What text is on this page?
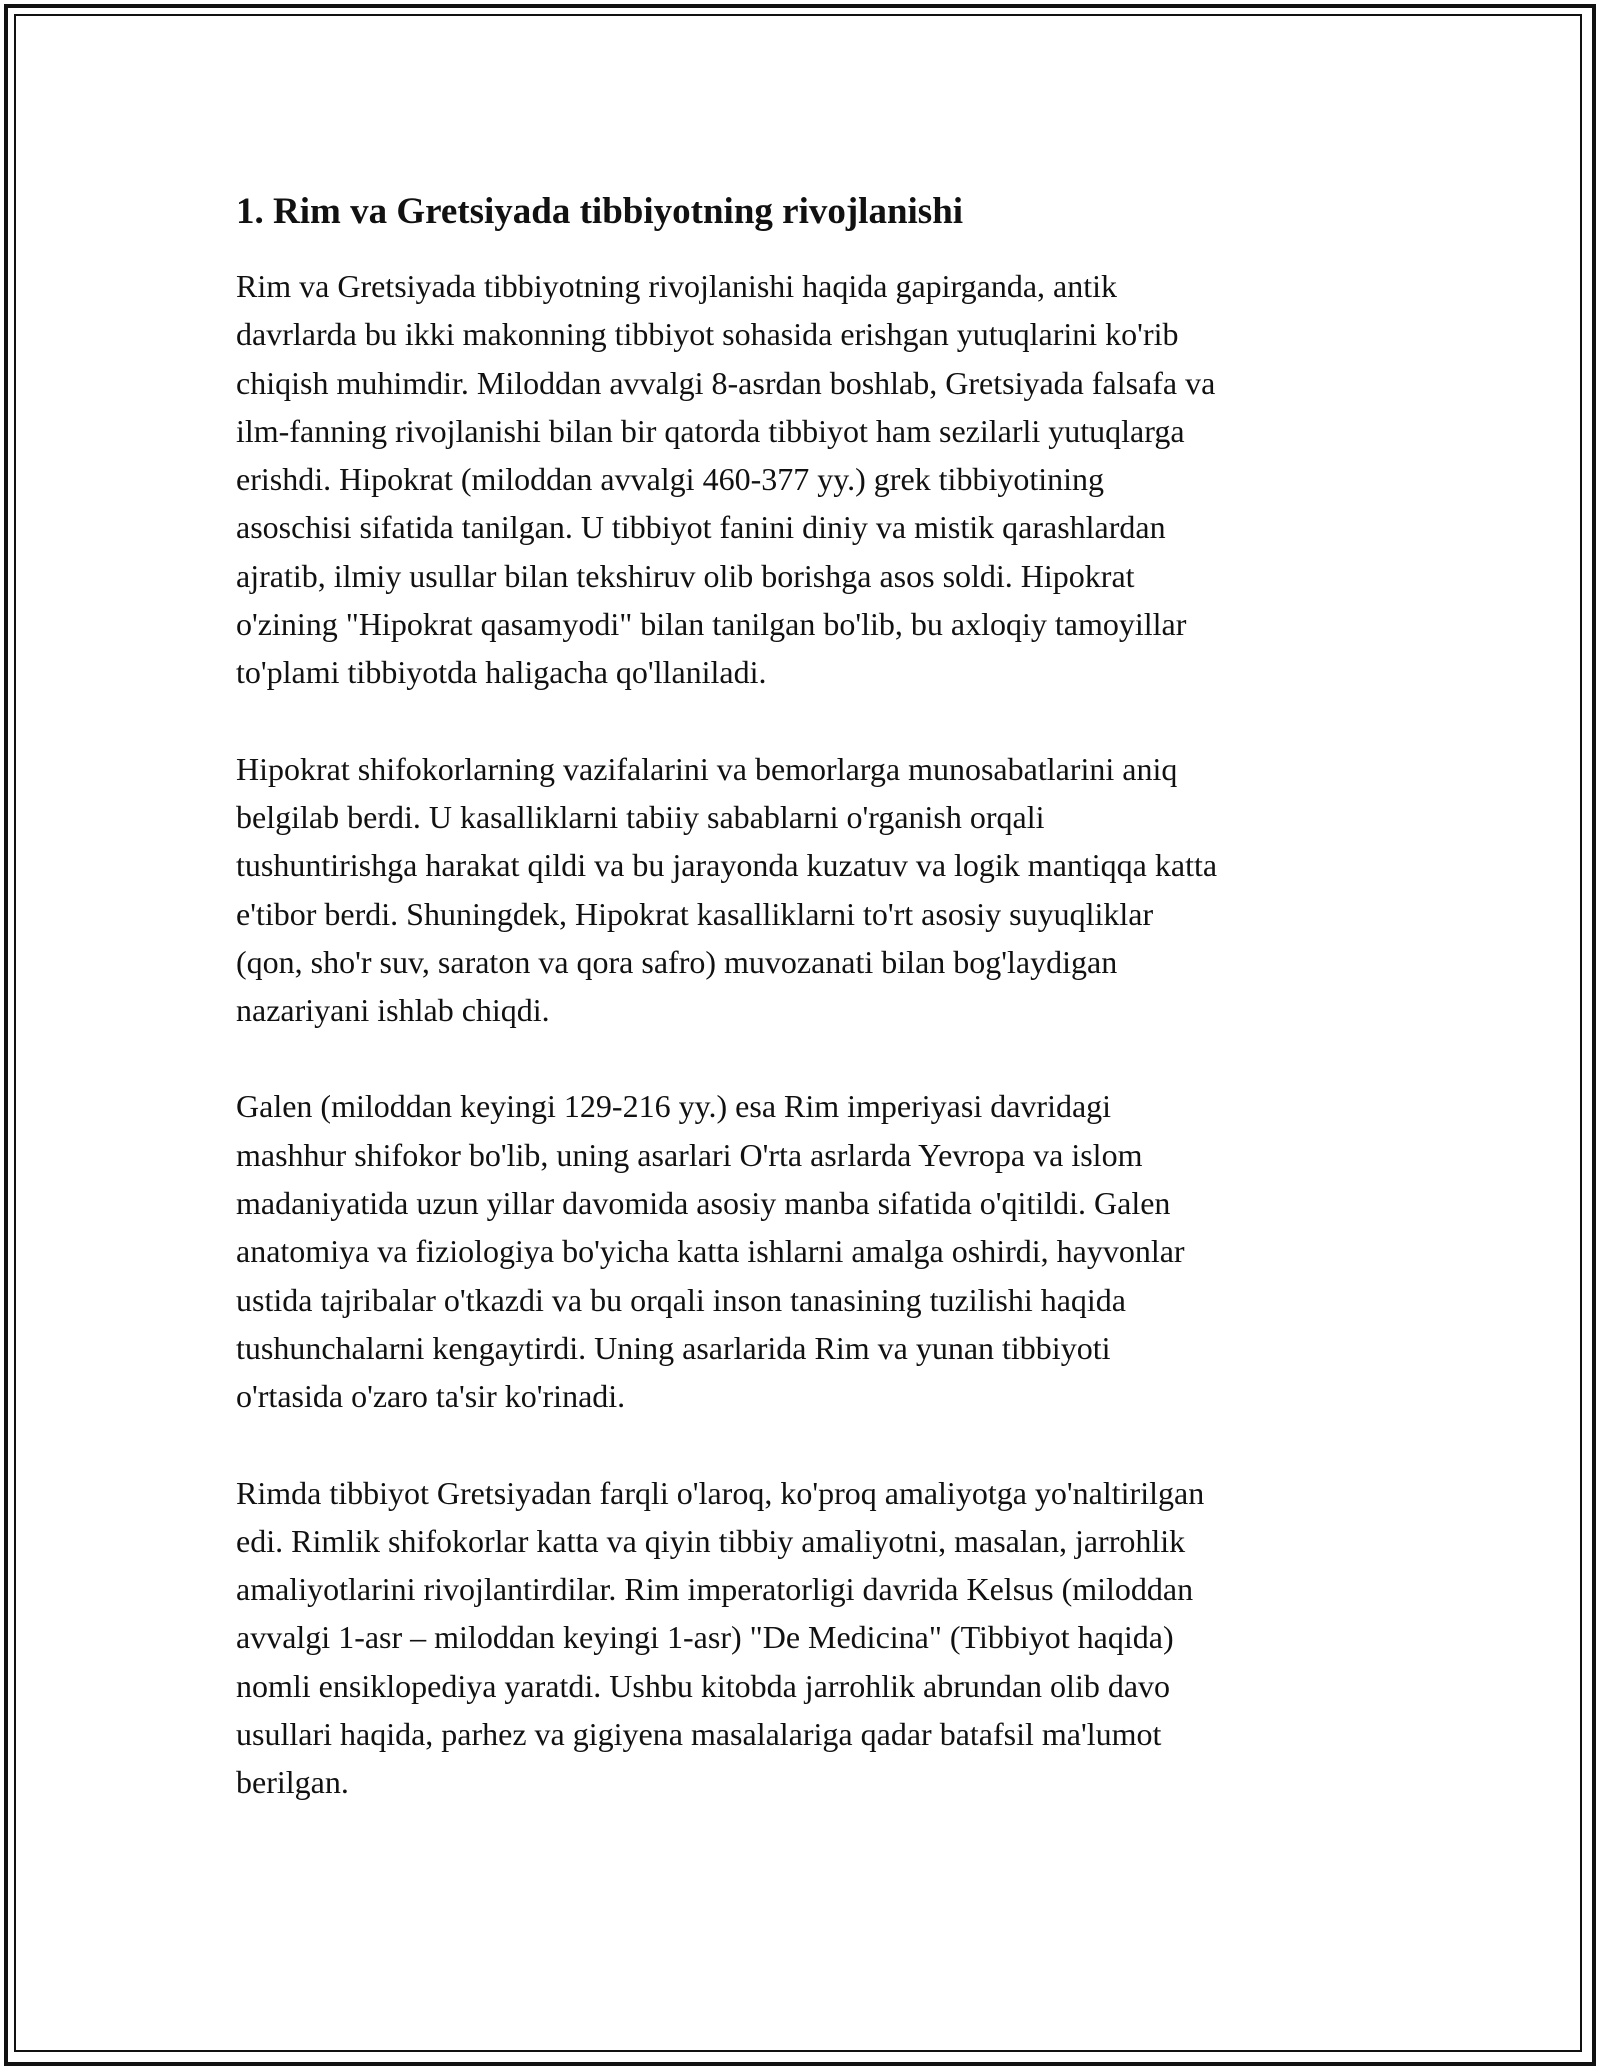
1. Rim va Gretsiyada tibbiyotning rivojlanishi
Rim va Gretsiyada tibbiyotning rivojlanishi haqida gapirganda, antik
davrlarda bu ikki makonning tibbiyot sohasida erishgan yutuqlarini ko'rib
chiqish muhimdir. Miloddan avvalgi 8-asrdan boshlab, Gretsiyada falsafa va
ilm-fanning rivojlanishi bilan bir qatorda tibbiyot ham sezilarli yutuqlarga
erishdi. Hipokrat (miloddan avvalgi 460-377 yy.) grek tibbiyotining
asoschisi sifatida tanilgan. U tibbiyot fanini diniy va mistik qarashlardan
ajratib, ilmiy usullar bilan tekshiruv olib borishga asos soldi. Hipokrat
o'zining "Hipokrat qasamyodi" bilan tanilgan bo'lib, bu axloqiy tamoyillar
to'plami tibbiyotda haligacha qo'llaniladi.
Hipokrat shifokorlarning vazifalarini va bemorlarga munosabatlarini aniq
belgilab berdi. U kasalliklarni tabiiy sabablarni o'rganish orqali
tushuntirishga harakat qildi va bu jarayonda kuzatuv va logik mantiqqa katta
e'tibor berdi. Shuningdek, Hipokrat kasalliklarni to'rt asosiy suyuqliklar
(qon, sho'r suv, saraton va qora safro) muvozanati bilan bog'laydigan
nazariyani ishlab chiqdi.
Galen (miloddan keyingi 129-216 yy.) esa Rim imperiyasi davridagi
mashhur shifokor bo'lib, uning asarlari O'rta asrlarda Yevropa va islom
madaniyatida uzun yillar davomida asosiy manba sifatida o'qitildi. Galen
anatomiya va fiziologiya bo'yicha katta ishlarni amalga oshirdi, hayvonlar
ustida tajribalar o'tkazdi va bu orqali inson tanasining tuzilishi haqida
tushunchalarni kengaytirdi. Uning asarlarida Rim va yunan tibbiyoti
o'rtasida o'zaro ta'sir ko'rinadi.
Rimda tibbiyot Gretsiyadan farqli o'laroq, ko'proq amaliyotga yo'naltirilgan
edi. Rimlik shifokorlar katta va qiyin tibbiy amaliyotni, masalan, jarrohlik
amaliyotlarini rivojlantirdilar. Rim imperatorligi davrida Kelsus (miloddan
avvalgi 1-asr – miloddan keyingi 1-asr) "De Medicina" (Tibbiyot haqida)
nomli ensiklopediya yaratdi. Ushbu kitobda jarrohlik abrundan olib davo
usullari haqida, parhez va gigiyena masalalariga qadar batafsil ma'lumot
berilgan.
